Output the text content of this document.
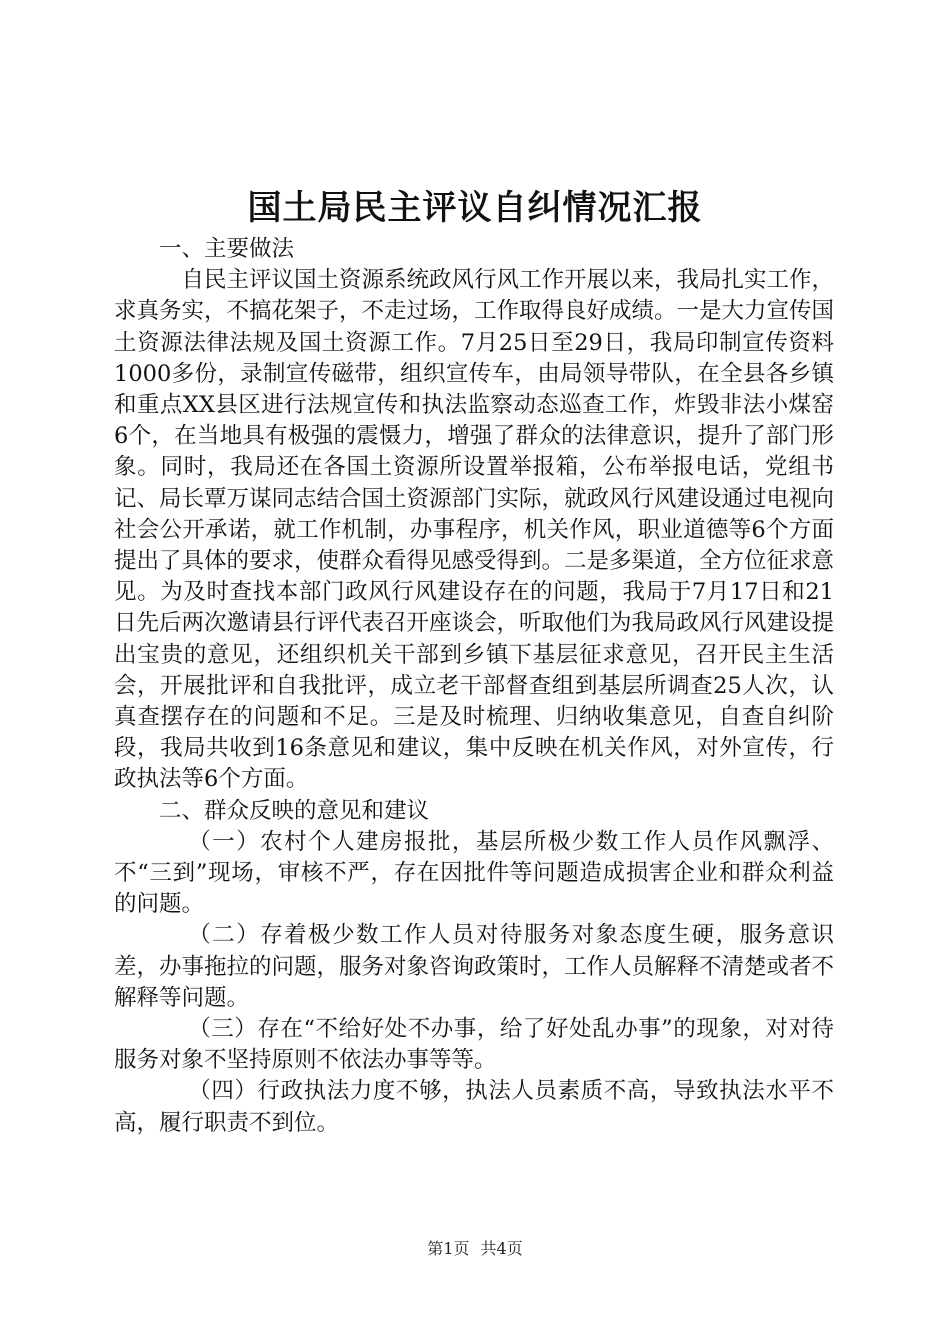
国土局民主评议自纠情况汇报

一、主要做法

自民主评议国土资源系统政风行风工作开展以来，我局扎实工作，求真务实，不搞花架子，不走过场，工作取得良好成绩。一是大力宣传国土资源法律法规及国土资源工作。7月25日至29日，我局印制宣传资料1000多份，录制宣传磁带，组织宣传车，由局领导带队，在全县各乡镇和重点XX县区进行法规宣传和执法监察动态巡查工作，炸毁非法小煤窑6个，在当地具有极强的震慑力，增强了群众的法律意识，提升了部门形象。同时，我局还在各国土资源所设置举报箱，公布举报电话，党组书记、局长覃万谋同志结合国土资源部门实际，就政风行风建设通过电视向社会公开承诺，就工作机制，办事程序，机关作风，职业道德等6个方面提出了具体的要求，使群众看得见感受得到。二是多渠道，全方位征求意见。为及时查找本部门政风行风建设存在的问题，我局于7月17日和21日先后两次邀请县行评代表召开座谈会，听取他们为我局政风行风建设提出宝贵的意见，还组织机关干部到乡镇下基层征求意见，召开民主生活会，开展批评和自我批评，成立老干部督查组到基层所调查25人次，认真查摆存在的问题和不足。三是及时梳理、归纳收集意见，自查自纠阶段，我局共收到16条意见和建议，集中反映在机关作风，对外宣传，行政执法等6个方面。

二、群众反映的意见和建议

（一）农村个人建房报批，基层所极少数工作人员作风飘浮、不“三到”现场，审核不严，存在因批件等问题造成损害企业和群众利益的问题。

（二）存着极少数工作人员对待服务对象态度生硬，服务意识差，办事拖拉的问题，服务对象咨询政策时，工作人员解释不清楚或者不解释等问题。

（三）存在“不给好处不办事，给了好处乱办事”的现象，对对待服务对象不坚持原则不依法办事等等。

（四）行政执法力度不够，执法人员素质不高，导致执法水平不高，履行职责不到位。

第1页 共4页
